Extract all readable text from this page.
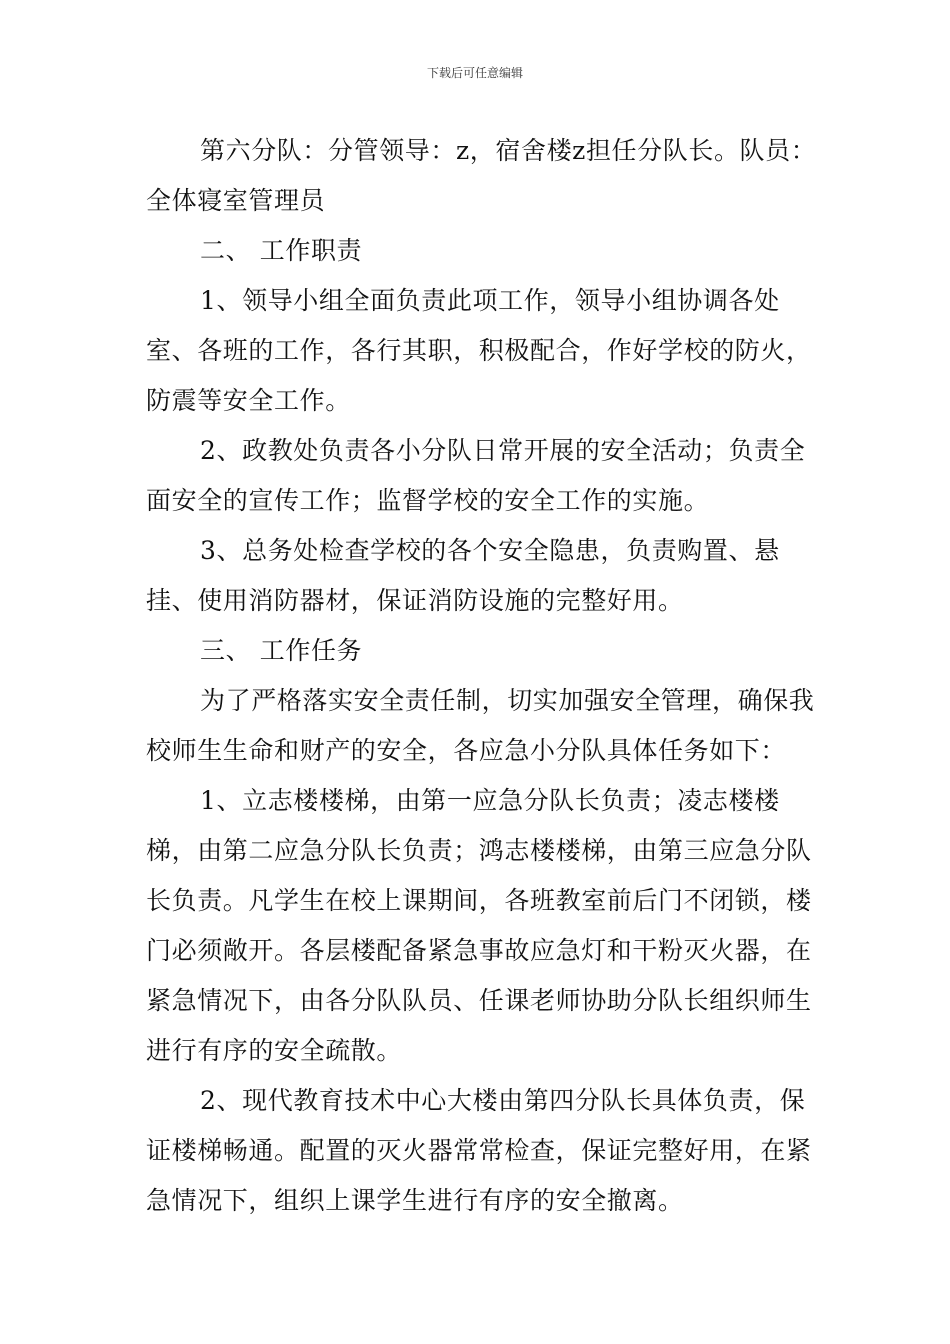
下载后可任意编辑

第六分队：分管领导：z，宿舍楼z担任分队长。队员：全体寝室管理员

二、 工作职责

1、领导小组全面负责此项工作，领导小组协调各处室、各班的工作，各行其职，积极配合，作好学校的防火，防震等安全工作。

2、政教处负责各小分队日常开展的安全活动；负责全面安全的宣传工作；监督学校的安全工作的实施。

3、总务处检查学校的各个安全隐患，负责购置、悬挂、使用消防器材，保证消防设施的完整好用。

三、 工作任务

为了严格落实安全责任制，切实加强安全管理，确保我校师生生命和财产的安全，各应急小分队具体任务如下：

1、立志楼楼梯，由第一应急分队长负责；凌志楼楼梯，由第二应急分队长负责；鸿志楼楼梯，由第三应急分队长负责。凡学生在校上课期间，各班教室前后门不闭锁，楼门必须敞开。各层楼配备紧急事故应急灯和干粉灭火器，在紧急情况下，由各分队队员、任课老师协助分队长组织师生进行有序的安全疏散。

2、现代教育技术中心大楼由第四分队长具体负责，保证楼梯畅通。配置的灭火器常常检查，保证完整好用，在紧急情况下，组织上课学生进行有序的安全撤离。
